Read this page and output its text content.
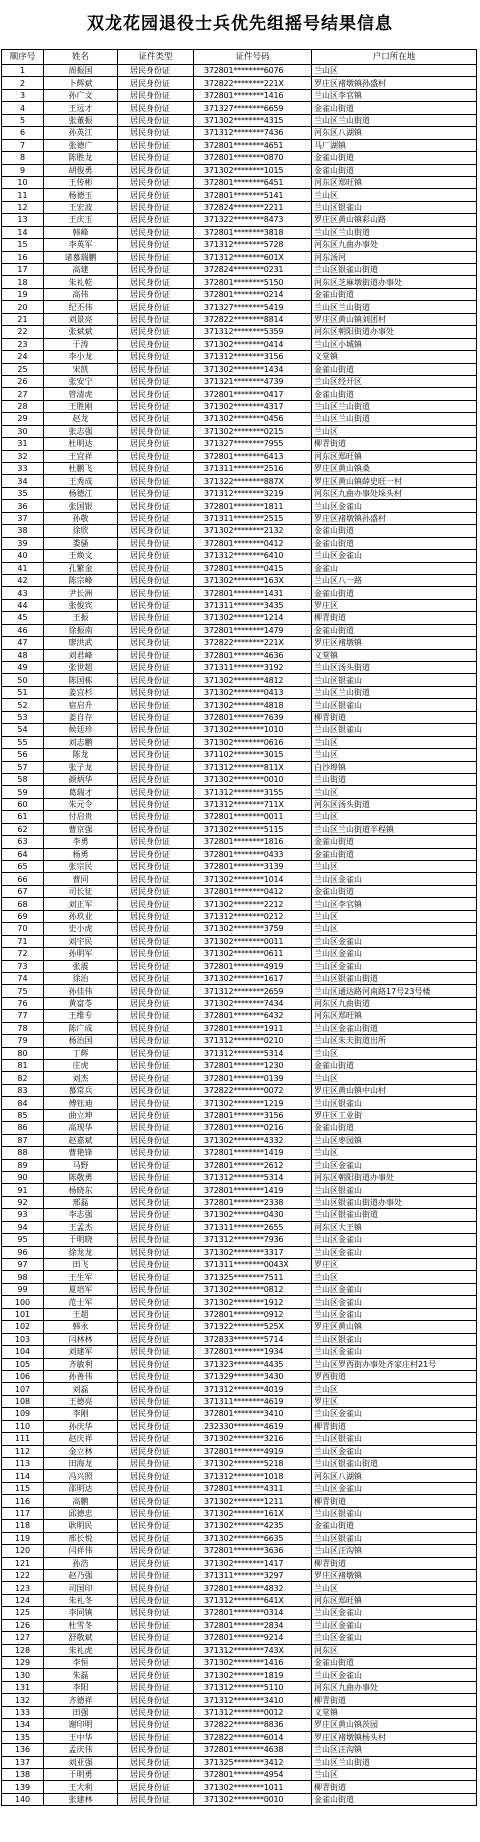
双龙花园退役士兵优先组摇号结果信息
顺序号	姓名	证件类型	证件号码	户口所在地
1	周振国	居民身份证	372801********6076	兰山区
2	卜辉斌	居民身份证	372822********221X	罗庄区褚墩镇孙盛村
3	孙广文	居民身份证	372801********1416	兰山区李官镇
4	王远才	居民身份证	371327********6659	金雀山街道
5	张董振	居民身份证	371302********4315	兰山区兰山街道
6	孙英江	居民身份证	371312********7436	河东区八湖镇
7	张德广	居民身份证	372801********4651	马厂湖镇
8	陈胜龙	居民身份证	372801********0870	金雀山街道
9	胡俊勇	居民身份证	371302********1015	金雀山街道
10	王传彬	居民身份证	372801********6451	河东区郑旺镇
11	杨德玉	居民身份证	372801********5141	兰山区
12	王宏波	居民身份证	372824********2211	兰山区银雀山
13	王庆玉	居民身份证	371322********8473	罗庄区黄山镇彩山路
14	韩峰	居民身份证	372801********3818	兰山区兰山街道
15	李英军	居民身份证	371312********5728	河东区九曲办事处
16	诸慕瑞鹏	居民身份证	371312********601X	河东汤河
17	高建	居民身份证	372824********0231	兰山区银雀山街道
18	朱礼乾	居民身份证	372801********5150	河东区芝麻墩街道办事处
19	高伟	居民身份证	372801********0214	金雀山街道
20	纪丕伟	居民身份证	371327********5419	兰山区兰山街道
21	刘景亮	居民身份证	372822********8814	罗庄区黄山镇刘团村
22	张斌斌	居民身份证	371312********5359	河东区朝阳街道办事处
23	于涛	居民身份证	371302********0414	兰山区小城镇
24	李小龙	居民身份证	371312********3156	义堂镇
25	宋凯	居民身份证	371302********1434	金雀山街道
26	张安宁	居民身份证	371321********4739	兰山区经开区
27	管清虎	居民身份证	372801********0417	金雀山街道
28	王胜刚	居民身份证	371302********4317	兰山区兰山街道
29	赵龙	居民身份证	371302********0456	兰山区兰山街道
30	张志强	居民身份证	371302********0215	兰山区
31	杜明达	居民身份证	371327********7955	柳青街道
32	王宜祥	居民身份证	372801********6413	河东区郑旺镇
33	杜鹏飞	居民身份证	371311********2516	罗庄区黄山镇桑
34	王秀成	居民身份证	371322********887X	罗庄区黄山镇薛史旺一村
35	杨德江	居民身份证	371312********3219	河东区九曲办事处垛头村
36	张国银	居民身份证	372801********1811	兰山区金雀山
37	孙敬	居民身份证	371311********2515	罗庄区褚墩镇孙盛村
38	徐欣	居民身份证	371302********2132	金雀山街道
39	娄骚	居民身份证	372801********0412	金雀山街道
40	王焕文	居民身份证	371312********6410	兰山区金雀山
41	孔繁金	居民身份证	372801********0415	金雀山
42	陈宗峰	居民身份证	371302********163X	兰山区八一路
43	尹长洲	居民身份证	372801********1431	金雀山街道
44	张俊宾	居民身份证	371311********3435	罗庄区
45	王振	居民身份证	371302********1214	柳青街道
46	徐振南	居民身份证	372801********1479	金雀山街道
47	廖洪武	居民身份证	372822********221X	罗庄区褚墩镇
48	刘君峰	居民身份证	372801********4636	义堂镇
49	张世超	居民身份证	371311********3192	兰山区汤头街道
50	陈国栋	居民身份证	371302********4812	兰山区银雀山
51	姜宜杉	居民身份证	371302********0413	兰山区兰山街道
52	宿启升	居民身份证	371302********4818	兰山区银雀山
53	姜自存	居民身份证	372801********7639	柳青街道
54	候廷珍	居民身份证	371302********1010	兰山区银雀山
55	刘志鹏	居民身份证	371302********0616	兰山区
56	陈龙	居民身份证	371102********3015	兰山区
57	张子龙	居民身份证	371312********811X	白沙埠镇
58	颜炳华	居民身份证	371302********0010	兰山街道
59	葛瑞才	居民身份证	371312********3155	兰山区
60	朱元令	居民身份证	371312********711X	河东区汤头街道
61	付启贵	居民身份证	372801********0011	兰山区
62	曹京强	居民身份证	371302********5115	兰山区兰山街道半程镇
63	李勇	居民身份证	372801********1816	金雀山街道
64	杨勇	居民身份证	372801********0433	金雀山街道
65	张宗民	居民身份证	372801********3139	兰山区
66	曹同	居民身份证	371302********1014	兰山区金雀山
67	司长征	居民身份证	372801********0412	金雀山街道
68	刘正军	居民身份证	371302********2212	兰山区李官镇
69	孙玖业	居民身份证	371312********0212	兰山区
70	史小虎	居民身份证	371302********3759	兰山区
71	刘宇民	居民身份证	371302********0011	兰山区金雀山
72	孙明军	居民身份证	371302********0611	兰山区金雀山
73	张震	居民身份证	372801********4919	兰山区金雀山
74	徐治	居民身份证	371302********1617	兰山区银雀山街道
75	孙佳伟	居民身份证	371312********2659	兰山区通达路河南路17号23号楼
76	黄富苓	居民身份证	371302********7434	河东区九曲街道
77	王维专	居民身份证	372801********6432	河东区郑旺镇
78	陈广成	居民身份证	372801********1911	兰山区金雀山街道
79	杨治国	居民身份证	371312********0210	兰山区朱夫街道出所
80	丁辉	居民身份证	371312********5314	兰山区
81	庄虎	居民身份证	372801********1230	金雀山街道
82	刘杰	居民身份证	372801********0139	兰山区
83	慕常兵	居民身份证	372822********0072	罗庄区黄山镇中山村
84	傅钰迪	居民身份证	371302********1219	兰山区银雀山
85	曲立坤	居民身份证	372801********3156	罗庄区工业街
86	高现华	居民身份证	372801********0216	金雀山街道
87	赵嘉斌	居民身份证	371302********4332	兰山区枣园镇
88	曹艳锋	居民身份证	372801********1419	兰山区
89	马野	居民身份证	372801********2612	兰山区金雀山
90	陈敬勇	居民身份证	371312********5314	河东区朝阳街道办事处
91	杨晓东	居民身份证	372801********1419	兰山区银雀山
92	邢磊	居民身份证	372801********2338	兰山区银雀山街道办事处
93	李志强	居民身份证	371302********0430	兰山区银雀山街道
94	王孟杰	居民身份证	371311********2655	河东区大王镇
95	于明晓	居民身份证	371312********7936	兰山区金雀山
96	徐龙龙	居民身份证	371302********3317	兰山区金雀山
97	田飞	居民身份证	371311********0043X	罗庄区
98	王生军	居民身份证	371325********7511	兰山区
99	夏培军	居民身份证	371302********0812	兰山区金雀山
100	范士军	居民身份证	371302********1912	兰山区金雀山
101	王超	居民身份证	372801********0912	兰山区金雀山
102	韩永	居民身份证	371322********525X	罗庄区黄山镇
103	闫林林	居民身份证	372833********5714	兰山区银雀山
104	刘建军	居民身份证	372801********1934	兰山区金雀山
105	齐敏利	居民身份证	371323********4435	兰山区罗西街办事处齐家庄村21号
106	孙善伟	居民身份证	371329********3430	罗西街道
107	刘磊	居民身份证	371312********4019	兰山区
108	王德亮	居民身份证	371311********4619	罗庄区
109	李刚	居民身份证	372801********3410	兰山区金雀山
110	孙庆华	居民身份证	232330********4619	柳青街道
111	赵庆祥	居民身份证	371302********3216	兰山区银雀山
112	金立林	居民身份证	372801********4919	兰山区金雀山
113	田海龙	居民身份证	371302********5218	兰山区银雀山街道
114	冯兴照	居民身份证	371312********1018	河东区八湖镇
115	邵明达	居民身份证	372801********4311	兰山区金雀山
116	高鹏	居民身份证	371302********1211	柳青街道
117	邱德忠	居民身份证	371302********161X	兰山区银雀山
118	耿明民	居民身份证	371302********4235	金雀山街道
119	邢长悦	居民身份证	371302********6635	兰山区银雀山
120	闫祥伟	居民身份证	372801********3636	兰山区汪沟镇
121	孙浩	居民身份证	371302********1417	柳青街道
122	赵乃强	居民身份证	371311********3297	罗庄区褚墩镇
123	司国印	居民身份证	372801********4832	兰山区
124	朱礼冬	居民身份证	371312********641X	河东区郑旺镇
125	李同镇	居民身份证	372801********0314	兰山区金雀山
126	杜雪冬	居民身份证	372801********2834	兰山区金雀山
127	舒敬斌	居民身份证	372801********9214	兰山区金雀山
128	朱礼虎	居民身份证	371312********743X	河东区
129	李恒	居民身份证	371302********1416	金雀山街道
130	朱磊	居民身份证	371302********1819	兰山区金雀山
131	李阳	居民身份证	371312********5110	河东区九曲办事处
132	齐德祥	居民身份证	371312********3410	柳青街道
133	田强	居民身份证	371312********0012	义堂镇
134	谢印明	居民身份证	372822********8836	罗庄区黄山镇茨园
135	王中华	居民身份证	372822********6014	罗庄区褚墩镇杨头村
136	孟庆伟	居民身份证	372801********4638	兰山区汪沟镇
137	刘亚强	居民身份证	371325********3412	兰山区兰山街道
138	于明勇	居民身份证	372801********4954	兰山区
139	王大利	居民身份证	371302********1011	柳青街道
140	张建林	居民身份证	371302********0010	金雀山街道
